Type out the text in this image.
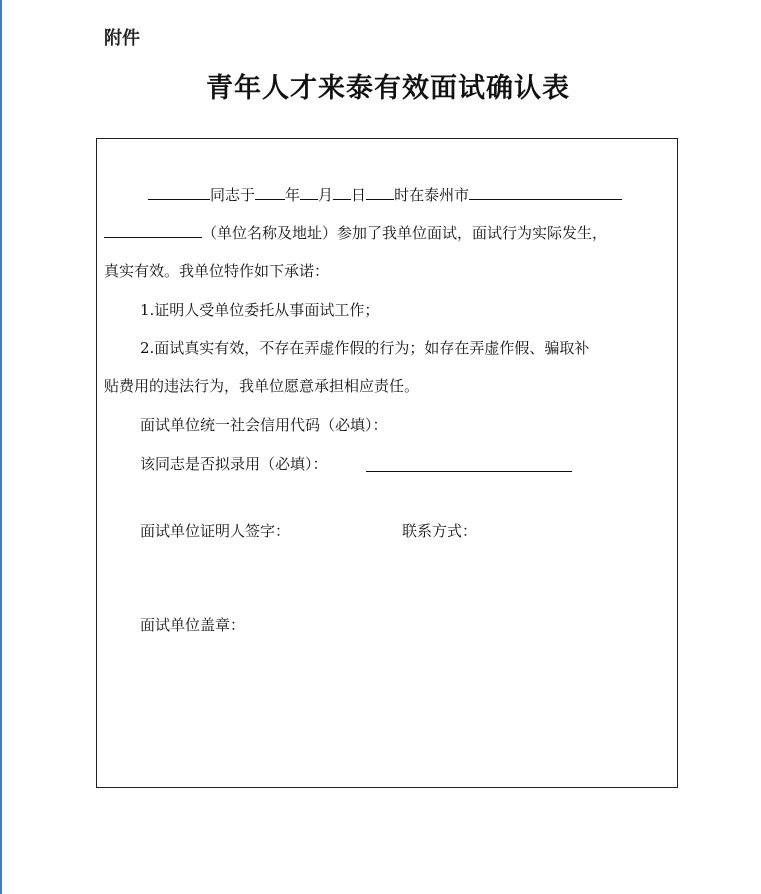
附件
青年人才来泰有效面试确认表
同志于 年 月 日 时在泰州市
（单位名称及地址）参加了我单位面试，面试行为实际发生，
真实有效。我单位特作如下承诺：
1.证明人受单位委托从事面试工作；
2.面试真实有效，不存在弄虚作假的行为；如存在弄虚作假、骗取补
贴费用的违法行为，我单位愿意承担相应责任。
面试单位统一社会信用代码（必填）：
该同志是否拟录用（必填）：
面试单位证明人签字：	联系方式：
面试单位盖章：
